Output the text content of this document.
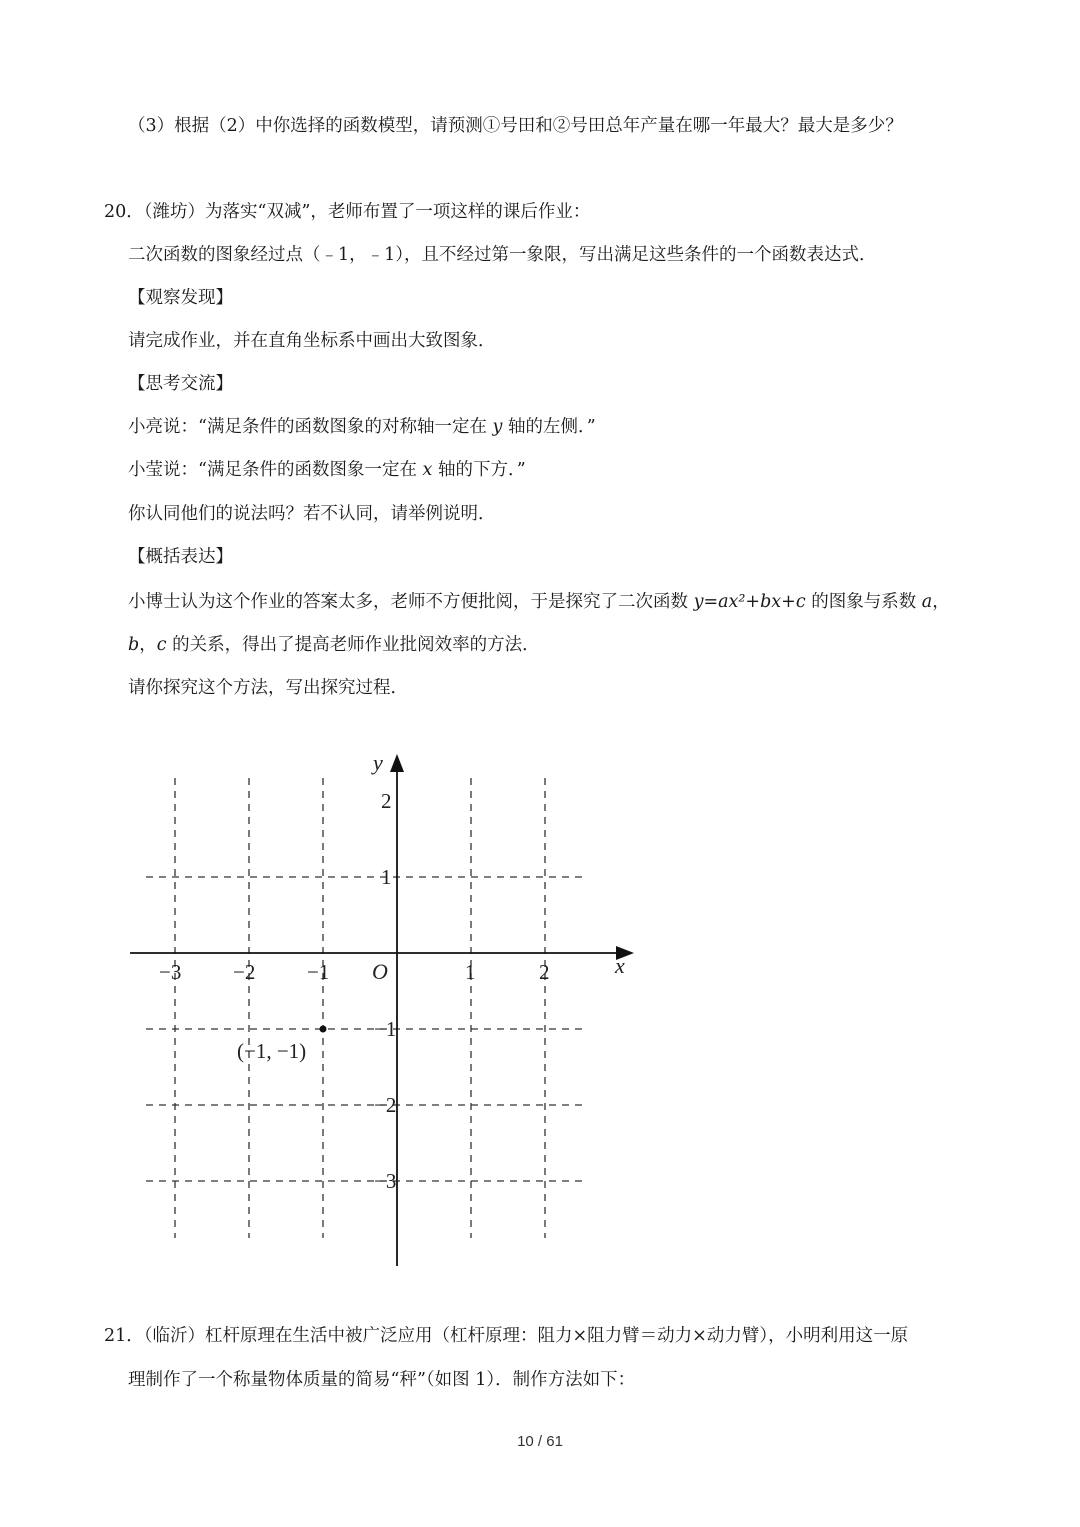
（3）根据（2）中你选择的函数模型，请预测①号田和②号田总年产量在哪一年最大？最大是多少？
20．（潍坊）为落实“双减”，老师布置了一项这样的课后作业：
二次函数的图象经过点（﹣1，﹣1），且不经过第一象限，写出满足这些条件的一个函数表达式．
【观察发现】
请完成作业，并在直角坐标系中画出大致图象．
【思考交流】
小亮说：“满足条件的函数图象的对称轴一定在 y 轴的左侧．”
小莹说：“满足条件的函数图象一定在 x 轴的下方．”
你认同他们的说法吗？若不认同，请举例说明．
【概括表达】
小博士认为这个作业的答案太多，老师不方便批阅，于是探究了二次函数 y=ax²+bx+c 的图象与系数 a，
b，c 的关系，得出了提高老师作业批阅效率的方法．
请你探究这个方法，写出探究过程．
x
y
O
−3 −2 −1	1	2
2
1
−1
−2
−3
(−1, −1)
21．（临沂）杠杆原理在生活中被广泛应用（杠杆原理：阻力×阻力臂＝动力×动力臂），小明利用这一原
理制作了一个称量物体质量的简易“秤”（如图 1）．制作方法如下：
10 / 61
